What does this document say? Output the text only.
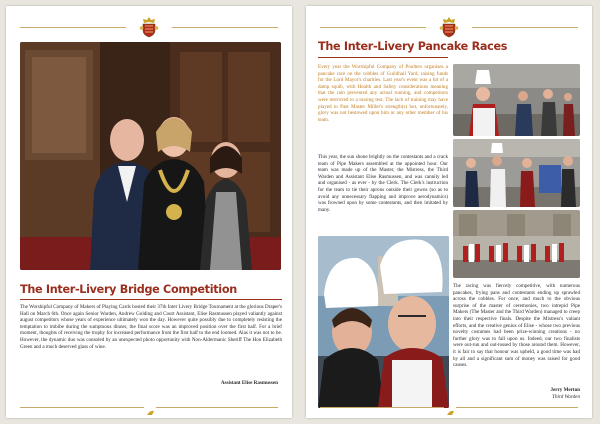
The Inter-Livery Bridge Competition
The Worshipful Company of Makers of Playing Cards hosted their 37th Inter Livery Bridge Tournament at the glorious Draper's Hall on March 6th. Once again Senior Warden, Andrew Golding and Court Assistant, Elise Rasmussen played valiantly against august competitors whose years of experience ultimately won the day. However quite possibly due to completely resisting the temptation to imbibe during the sumptuous dinner, the final score was an improved position over the first half. For a brief moment, thoughts of receiving the trophy for increased performance from the first half to the end loomed. Alas it was not to be. However, the dynamic duo was consoled by an unexpected photo opportunity with Non-Aldermanic Sheriff The Hon Elizabeth Green and a much deserved glass of wine.
Assistant Elise Rasmussen
The Inter-Livery Pancake Races
Every year the Worshipful Company of Poulters organises a pancake race on the cobbles of Guildhall Yard, raising funds for the Lord Mayor's charities. Last year's event was a bit of a damp squib, with Health and Safety considerations meaning that the rain prevented any actual running, and competitors were restricted to a tossing test. The lack of training may have played to Past Master Miller's strength(s) but, unfortunately, glory was not bestowed upon him or any other member of his team.
This year, the sun shone brightly on the contestants and a crack team of Pipe Makers assembled at the appointed hour. Our team was made up of the Master, the Mistress, the Third Warden and Assistant Elise Rasmussen, and was cannily led and organised - as ever - by the Clerk. The Clerk's instruction for the team to tie their aprons outside their gowns (so as to avoid any unnecessary flapping and improve aerodynamics) was frowned upon by some contestants, and then imitated by many.
The racing was fiercely competitive, with numerous pancakes, frying pans and contestants ending up sprawled across the cobbles. For once, and much to the obvious surprise of the master of ceremonies, two intrepid Pipe Makers (The Master and the Third Warden) managed to creep into their respective finals. Despite the Mistress's valiant efforts, and the creative genius of Elise - whose two previous novelty costumes had been prize-winning creations - no further glory was to fall upon us. Indeed, our two finalists were out-run and out-tossed by those around them. However, it is fair to say that honour was upheld, a good time was had by all and a significant sum of money was raised for good causes.
Jerry Merton
Third Warden
